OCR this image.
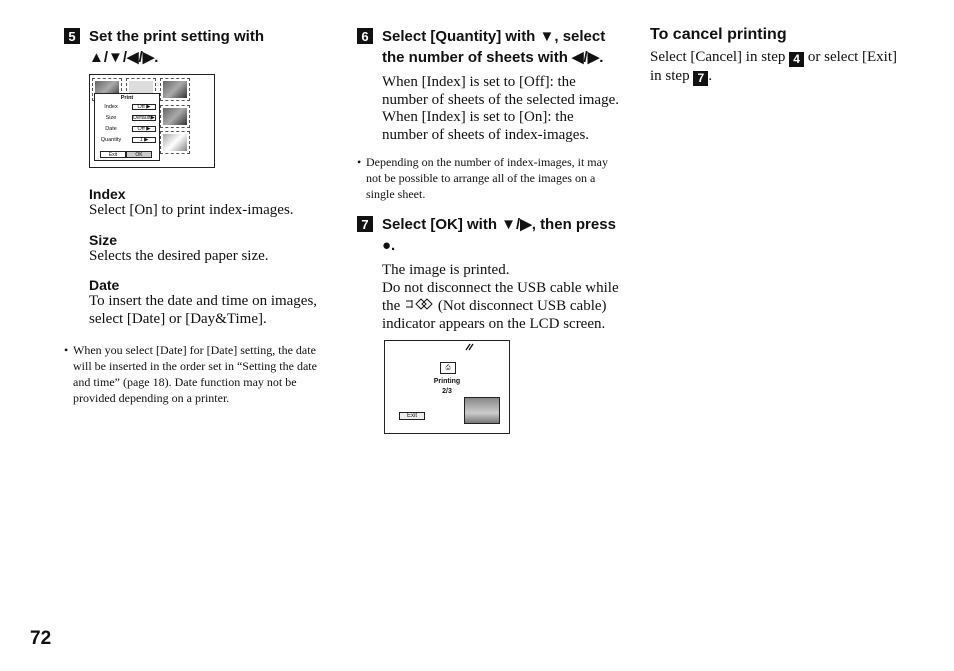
5 Set the print setting with
▲/▼/◀/▶.
Print
Index	Off ▶
Size	Default▶
Date	Off ▶
Quantity	1 ▶
Exit	OK
Index
Select [On] to print index-images.
Size
Selects the desired paper size.
Date
To insert the date and time on images, select [Date] or [Day&Time].
• When you select [Date] for [Date] setting, the date will be inserted in the order set in “Setting the date and time” (page 18). Date function may not be provided depending on a printer.
6 Select [Quantity] with ▼, select the number of sheets with ◀/▶.
When [Index] is set to [Off]: the number of sheets of the selected image.
When [Index] is set to [On]: the number of sheets of index-images.
• Depending on the number of index-images, it may not be possible to arrange all of the images on a single sheet.
7 Select [OK] with ▼/▶, then press ●.
The image is printed.
Do not disconnect the USB cable while the	(Not disconnect USB cable) indicator appears on the LCD screen.
⎙
Printing
2/3
Exit
To cancel printing
Select [Cancel] in step 4 or select [Exit] in step 7 .
72
